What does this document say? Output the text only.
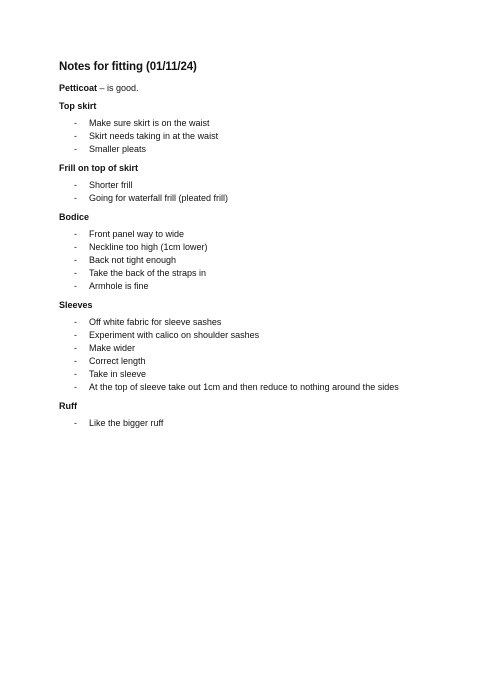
Notes for fitting (01/11/24)
Petticoat – is good.
Top skirt
- Make sure skirt is on the waist
- Skirt needs taking in at the waist
- Smaller pleats
Frill on top of skirt
- Shorter frill
- Going for waterfall frill (pleated frill)
Bodice
- Front panel way to wide
- Neckline too high (1cm lower)
- Back not tight enough
- Take the back of the straps in
- Armhole is fine
Sleeves
- Off white fabric for sleeve sashes
- Experiment with calico on shoulder sashes
- Make wider
- Correct length
- Take in sleeve
- At the top of sleeve take out 1cm and then reduce to nothing around the sides
Ruff
- Like the bigger ruff
